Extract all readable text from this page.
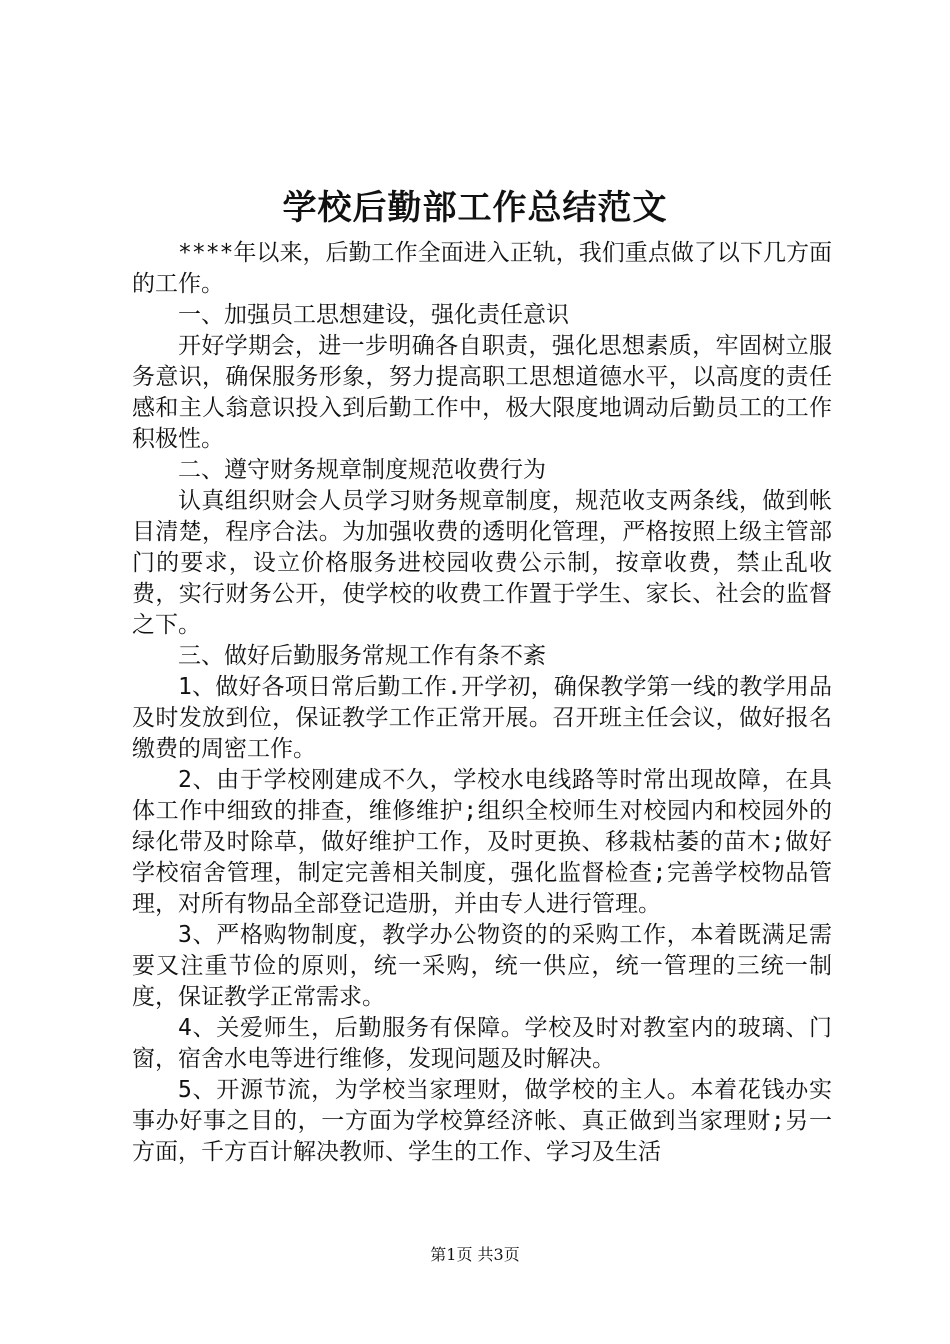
学校后勤部工作总结范文

****年以来，后勤工作全面进入正轨，我们重点做了以下几方面的工作。

一、加强员工思想建设，强化责任意识

开好学期会，进一步明确各自职责，强化思想素质，牢固树立服务意识，确保服务形象，努力提高职工思想道德水平，以高度的责任感和主人翁意识投入到后勤工作中，极大限度地调动后勤员工的工作积极性。

二、遵守财务规章制度规范收费行为

认真组织财会人员学习财务规章制度，规范收支两条线，做到帐目清楚，程序合法。为加强收费的透明化管理，严格按照上级主管部门的要求，设立价格服务进校园收费公示制，按章收费，禁止乱收费，实行财务公开，使学校的收费工作置于学生、家长、社会的监督之下。

三、做好后勤服务常规工作有条不紊

1、做好各项日常后勤工作.开学初，确保教学第一线的教学用品及时发放到位，保证教学工作正常开展。召开班主任会议，做好报名缴费的周密工作。

2、由于学校刚建成不久，学校水电线路等时常出现故障，在具体工作中细致的排查，维修维护;组织全校师生对校园内和校园外的绿化带及时除草，做好维护工作，及时更换、移栽枯萎的苗木;做好学校宿舍管理，制定完善相关制度，强化监督检查;完善学校物品管理，对所有物品全部登记造册，并由专人进行管理。

3、严格购物制度，教学办公物资的的采购工作，本着既满足需要又注重节俭的原则，统一采购，统一供应，统一管理的三统一制度，保证教学正常需求。

4、关爱师生，后勤服务有保障。学校及时对教室内的玻璃、门窗，宿舍水电等进行维修，发现问题及时解决。

5、开源节流，为学校当家理财，做学校的主人。本着花钱办实事办好事之目的，一方面为学校算经济帐、真正做到当家理财;另一方面，千方百计解决教师、学生的工作、学习及生活

第1页 共3页
